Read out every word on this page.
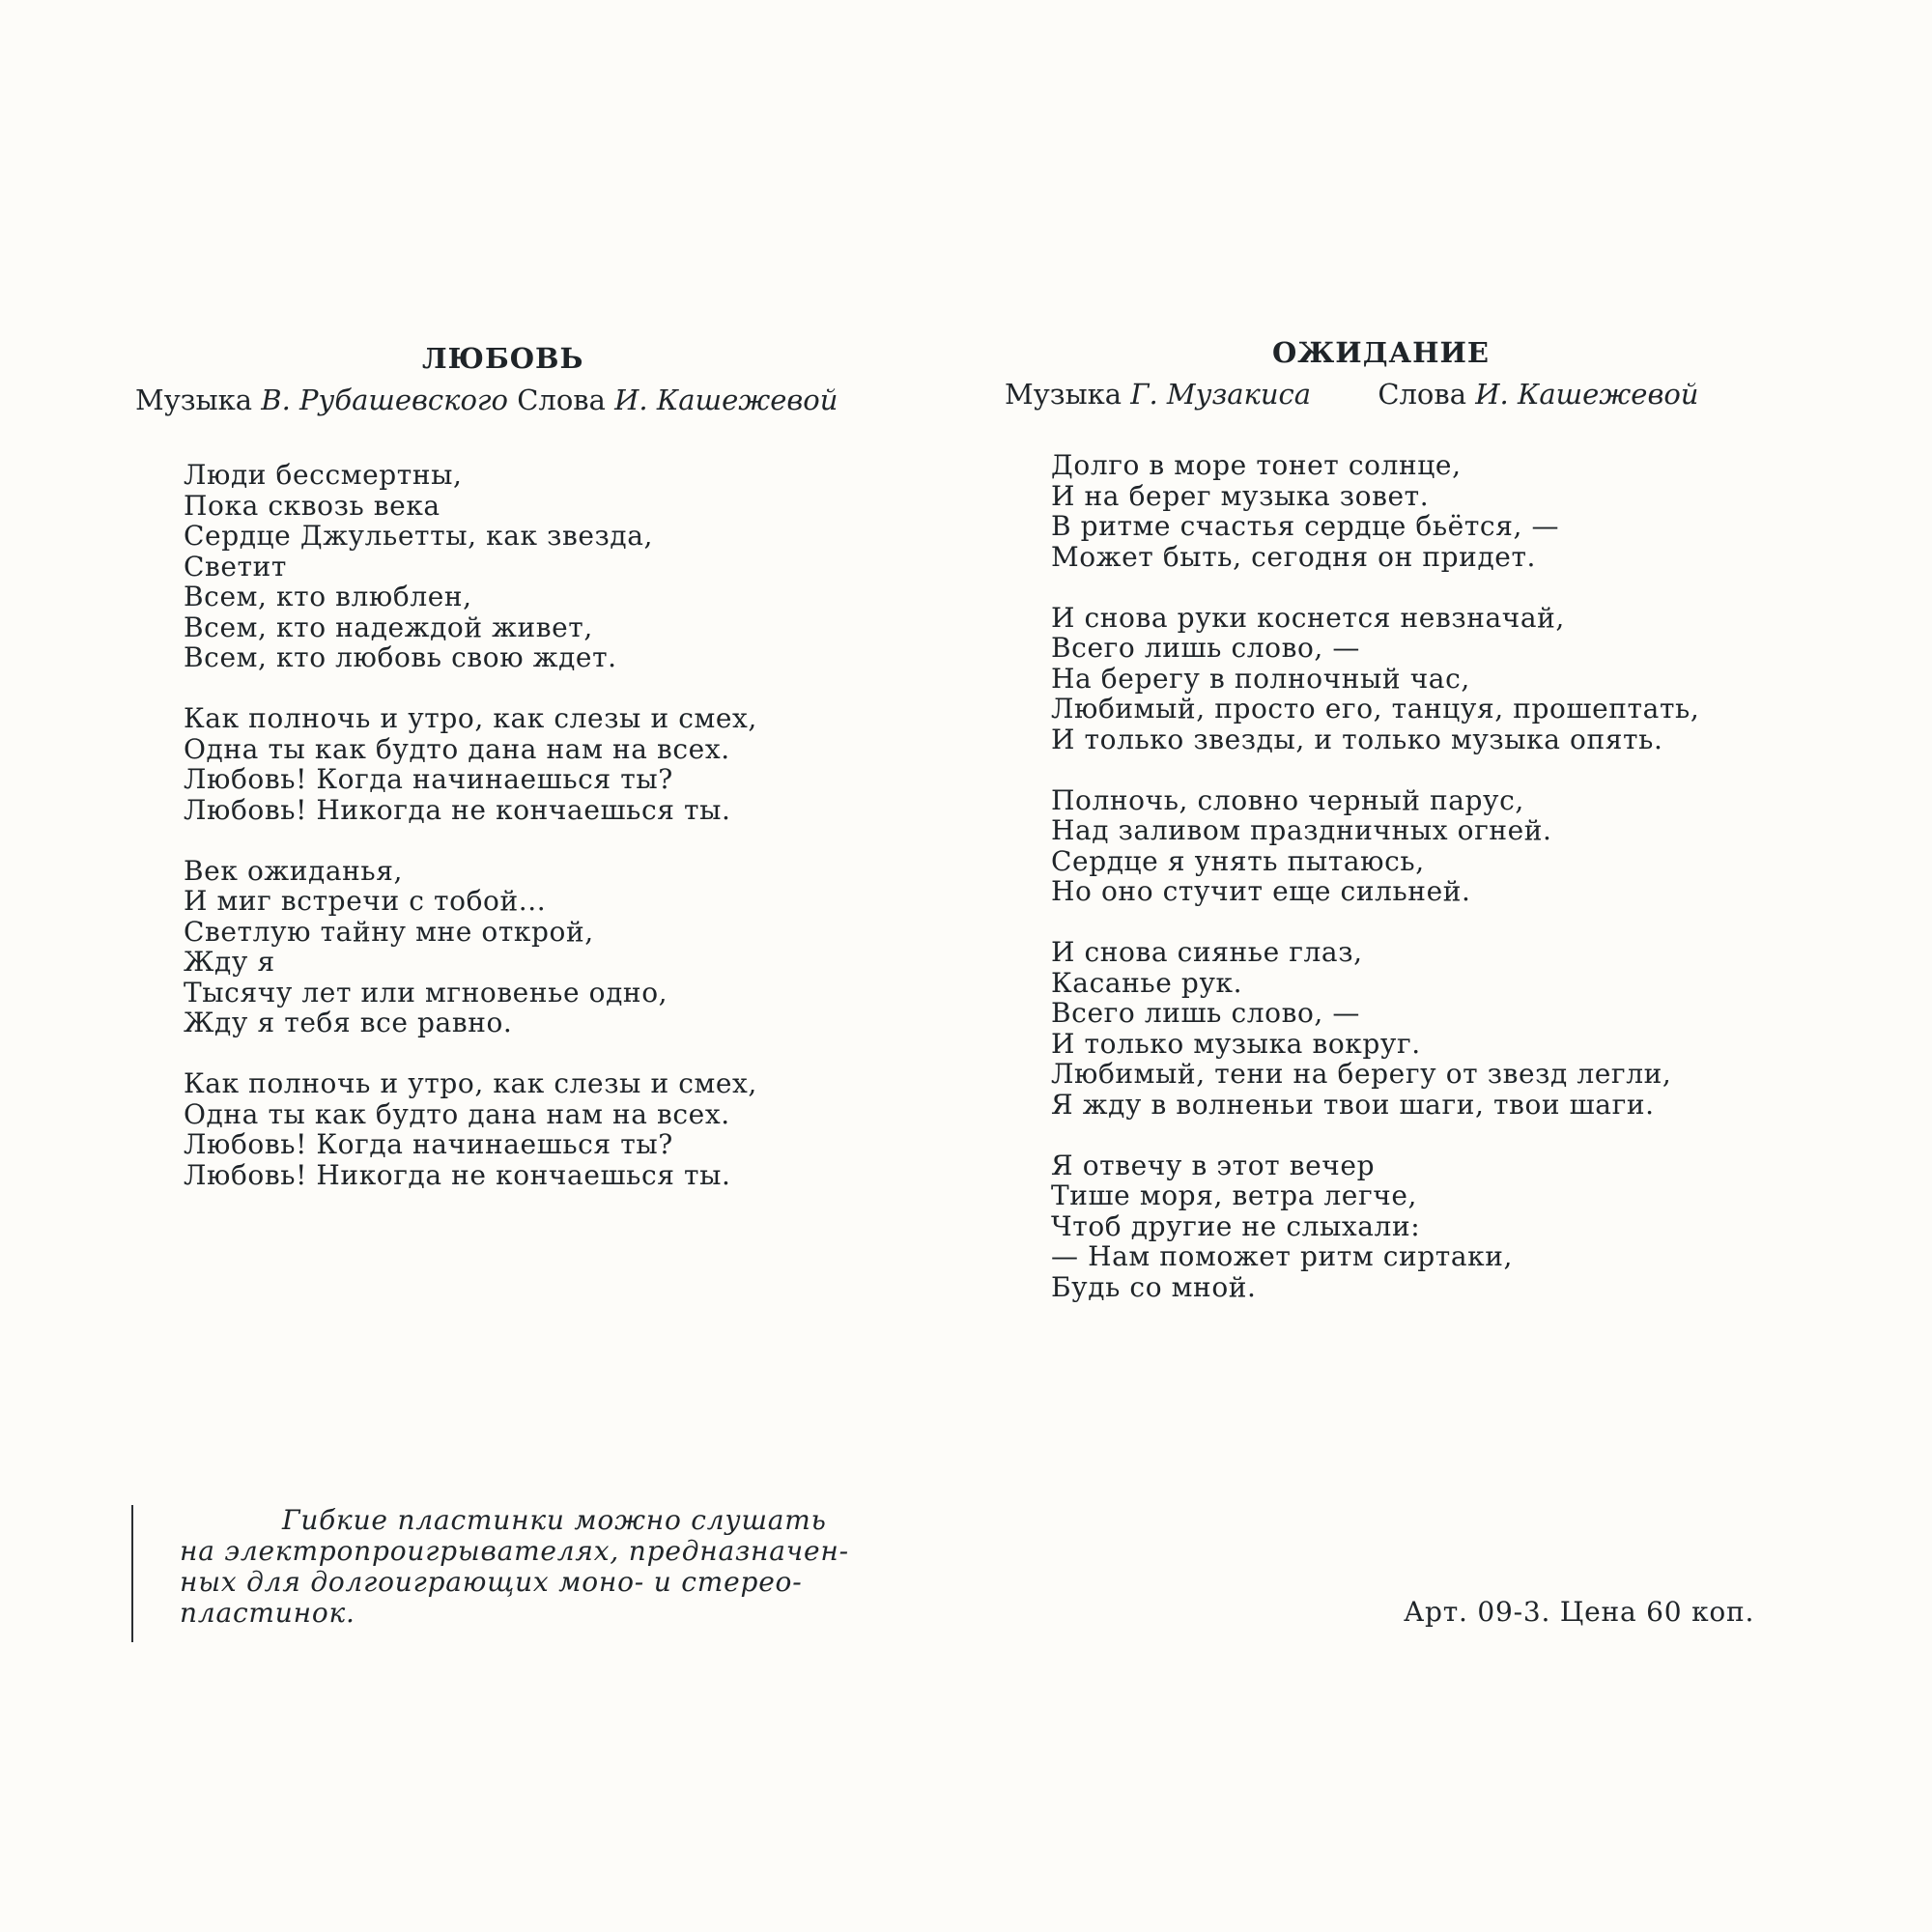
ЛЮБОВЬ
Музыка В. Рубашевского Слова И. Кашежевой
Люди бессмертны,
Пока сквозь века
Сердце Джульетты, как звезда,
Светит
Всем, кто влюблен,
Всем, кто надеждой живет,
Всем, кто любовь свою ждет.
Как полночь и утро, как слезы и смех,
Одна ты как будто дана нам на всех.
Любовь! Когда начинаешься ты?
Любовь! Никогда не кончаешься ты.
Век ожиданья,
И миг встречи с тобой...
Светлую тайну мне открой,
Жду я
Тысячу лет или мгновенье одно,
Жду я тебя все равно.
Как полночь и утро, как слезы и смех,
Одна ты как будто дана нам на всех.
Любовь! Когда начинаешься ты?
Любовь! Никогда не кончаешься ты.
ОЖИДАНИЕ
Музыка Г. Музакиса Слова И. Кашежевой
Долго в море тонет солнце,
И на берег музыка зовет.
В ритме счастья сердце бьётся, —
Может быть, сегодня он придет.
И снова руки коснется невзначай,
Всего лишь слово, —
На берегу в полночный час,
Любимый, просто его, танцуя, прошептать,
И только звезды, и только музыка опять.
Полночь, словно черный парус,
Над заливом праздничных огней.
Сердце я унять пытаюсь,
Но оно стучит еще сильней.
И снова сиянье глаз,
Касанье рук.
Всего лишь слово, —
И только музыка вокруг.
Любимый, тени на берегу от звезд легли,
Я жду в волненьи твои шаги, твои шаги.
Я отвечу в этот вечер
Тише моря, ветра легче,
Чтоб другие не слыхали:
— Нам поможет ритм сиртаки,
Будь со мной.
Гибкие пластинки можно слушать
на электропроигрывателях, предназначен-
ных для долгоиграющих моно- и стерео-
пластинок.	Арт. 09-3. Цена 60 коп.
